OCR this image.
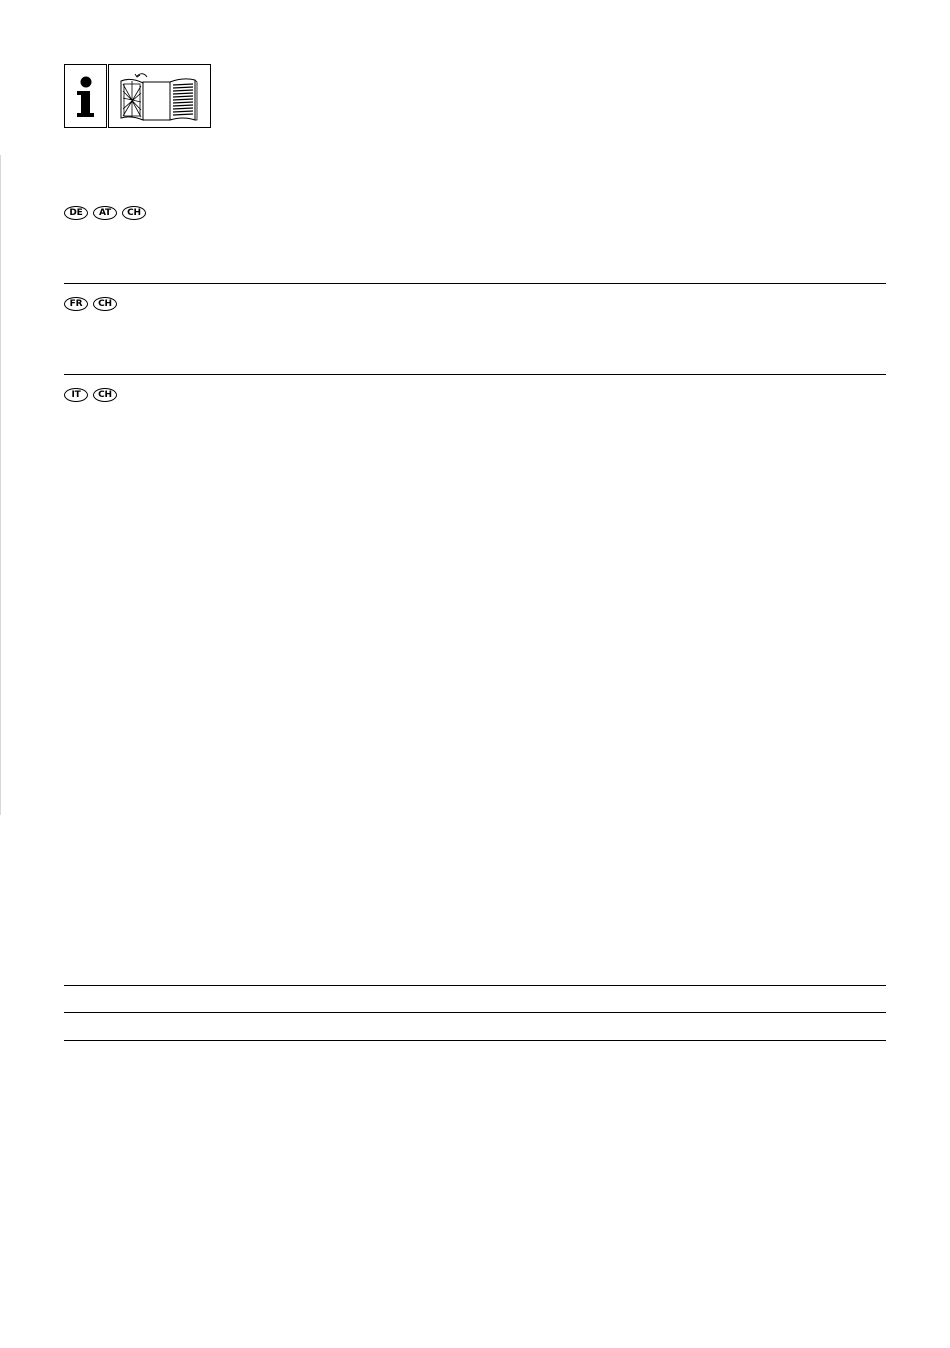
DE	AT	CH
FR	CH
IT	CH
